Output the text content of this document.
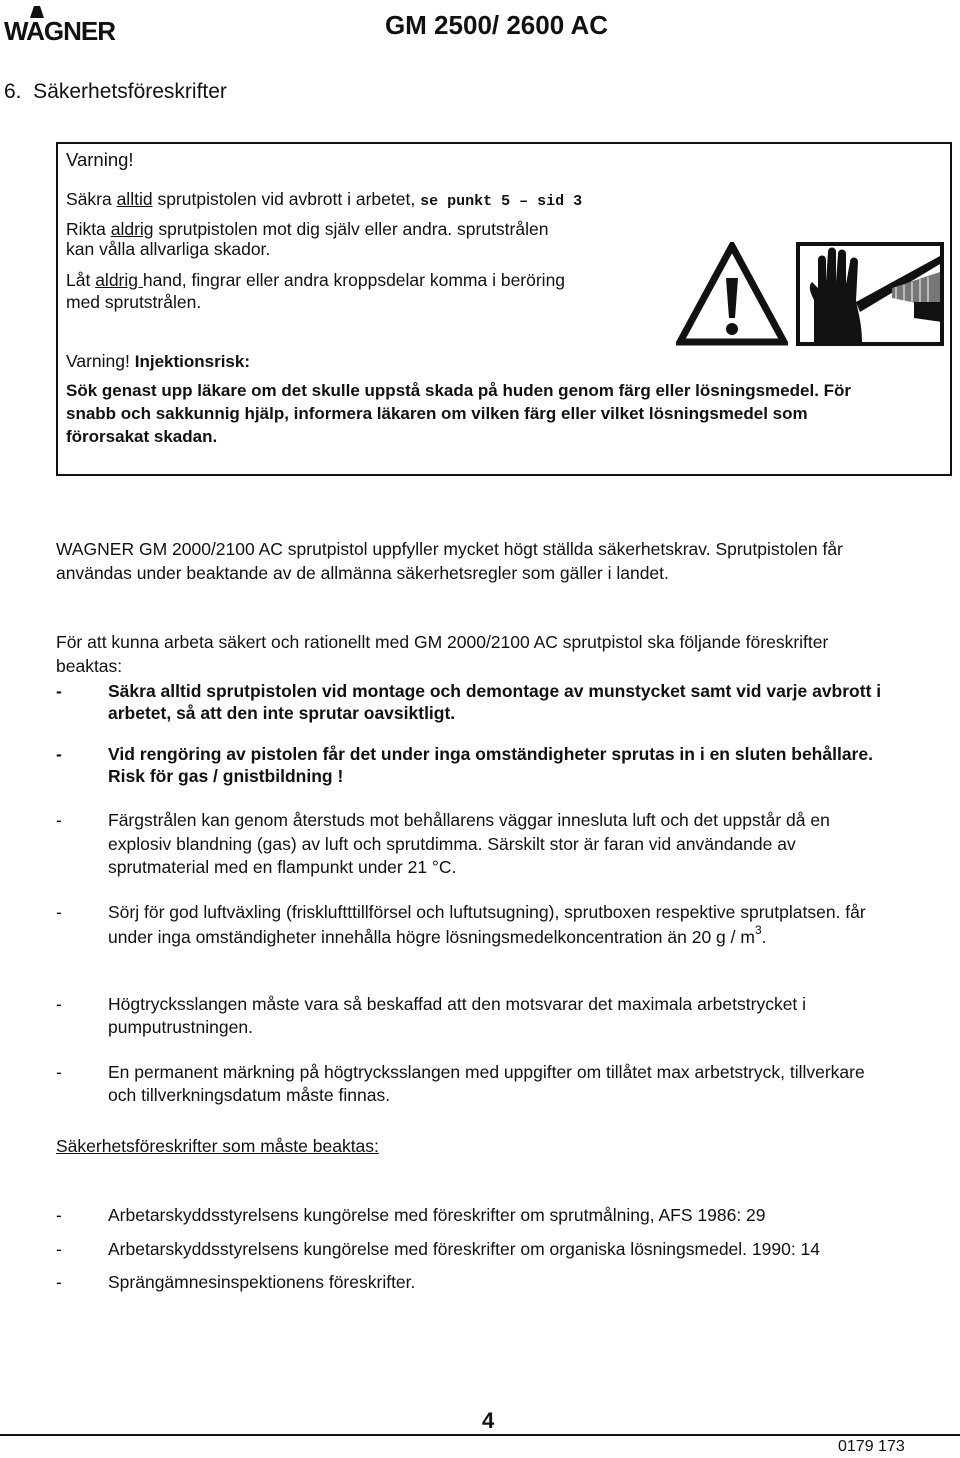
WAGNER	GM 2500/ 2600 AC
6.  Säkerhetsföreskrifter
Varning!
Säkra alltid sprutpistolen vid avbrott i arbetet, se punkt 5 – sid 3
Rikta aldrig sprutpistolen mot dig själv eller andra. sprutstrålen
kan vålla allvarliga skador.
Låt aldrig hand, fingrar eller andra kroppsdelar komma i beröring
med sprutstrålen.
Varning! Injektionsrisk:
Sök genast upp läkare om det skulle uppstå skada på huden genom färg eller lösningsmedel. För
snabb och sakkunnig hjälp, informera läkaren om vilken färg eller vilket lösningsmedel som
förorsakat skadan.
WAGNER GM 2000/2100 AC sprutpistol uppfyller mycket högt ställda säkerhetskrav. Sprutpistolen får
användas under beaktande av de allmänna säkerhetsregler som gäller i landet.
För att kunna arbeta säkert och rationellt med GM 2000/2100 AC sprutpistol ska följande föreskrifter
beaktas:
-	Säkra alltid sprutpistolen vid montage och demontage av munstycket samt vid varje avbrott i
arbetet, så att den inte sprutar oavsiktligt.
-	Vid rengöring av pistolen får det under inga omständigheter sprutas in i en sluten behållare.
Risk för gas / gnistbildning !
-	Färgstrålen kan genom återstuds mot behållarens väggar innesluta luft och det uppstår då en
explosiv blandning (gas) av luft och sprutdimma. Särskilt stor är faran vid användande av
sprutmaterial med en flampunkt under 21 °C.
-	Sörj för god luftväxling (friskluftttillförsel och luftutsugning), sprutboxen respektive sprutplatsen. får
under inga omständigheter innehålla högre lösningsmedelkoncentration än 20 g / $m^3$.
-	Högtrycksslangen måste vara så beskaffad att den motsvarar det maximala arbetstrycket i
pumputrustningen.
-	En permanent märkning på högtrycksslangen med uppgifter om tillåtet max arbetstryck, tillverkare
och tillverkningsdatum måste finnas.
Säkerhetsföreskrifter som måste beaktas:
-	Arbetarskyddsstyrelsens kungörelse med föreskrifter om sprutmålning, AFS 1986: 29
-	Arbetarskyddsstyrelsens kungörelse med föreskrifter om organiska lösningsmedel. 1990: 14
-	Sprängämnesinspektionens föreskrifter.
4
0179 173
